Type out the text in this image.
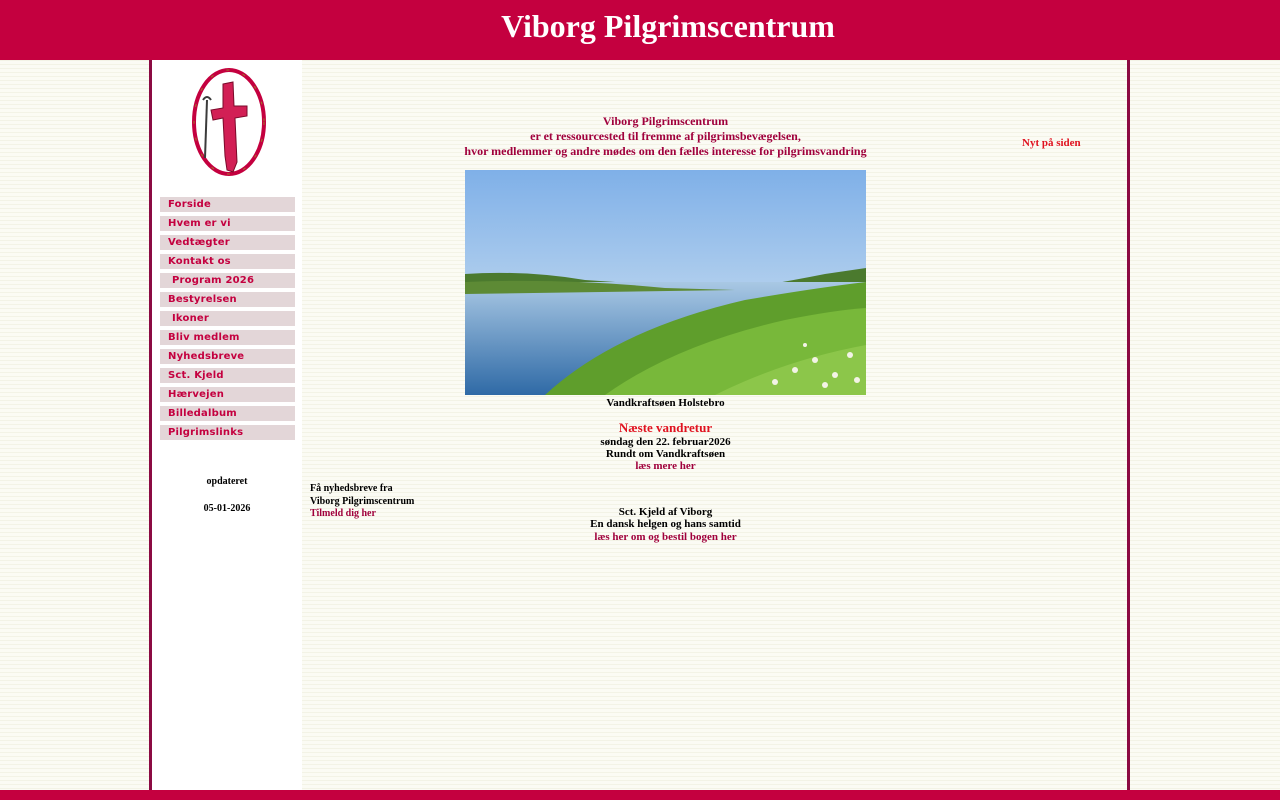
Viborg Pilgrimscentrum
Forside
Hvem er vi
Vedtægter
Kontakt os
Program 2026
Bestyrelsen
Ikoner
Bliv medlem
Nyhedsbreve
Sct. Kjeld
Hærvejen
Billedalbum
Pilgrimslinks
opdateret
05-01-2026
Viborg Pilgrimscentrum
er et ressourcested til fremme af pilgrimsbevægelsen,
hvor medlemmer og andre mødes om den fælles interesse for pilgrimsvandring
Nyt på siden
Vandkraftsøen Holstebro
Næste vandretur
søndag den 22. februar2026
Rundt om Vandkraftsøen
læs mere her
Få nyhedsbreve fra
Viborg Pilgrimscentrum
Tilmeld dig her	Sct. Kjeld af Viborg
En dansk helgen og hans samtid
læs her om og bestil bogen her
